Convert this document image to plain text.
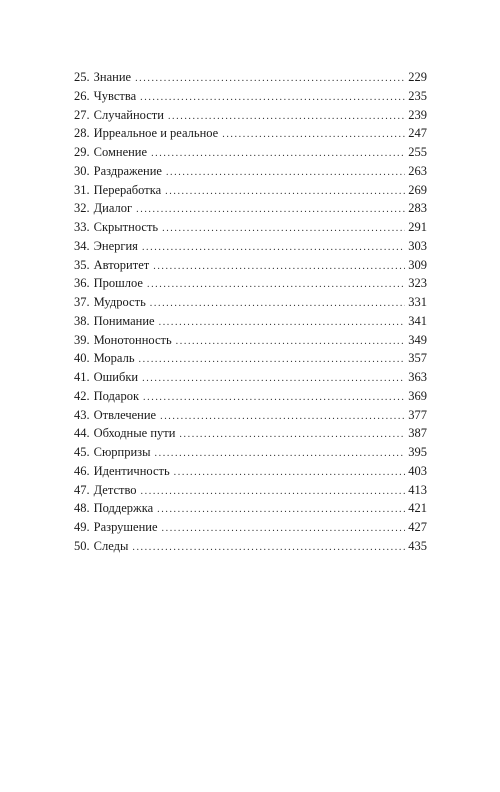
25. Знание .....	229
26. Чувства .....	235
27. Случайности .....	239
28. Ирреальное и реальное .....	247
29. Сомнение .....	255
30. Раздражение .....	263
31. Переработка .....	269
32. Диалог .....	283
33. Скрытность .....	291
34. Энергия .....	303
35. Авторитет .....	309
36. Прошлое .....	323
37. Мудрость .....	331
38. Понимание .....	341
39. Монотонность .....	349
40. Мораль .....	357
41. Ошибки .....	363
42. Подарок .....	369
43. Отвлечение .....	377
44. Обходные пути .....	387
45. Сюрпризы .....	395
46. Идентичность .....	403
47. Детство .....	413
48. Поддержка .....	421
49. Разрушение .....	427
50. Следы .....	435
